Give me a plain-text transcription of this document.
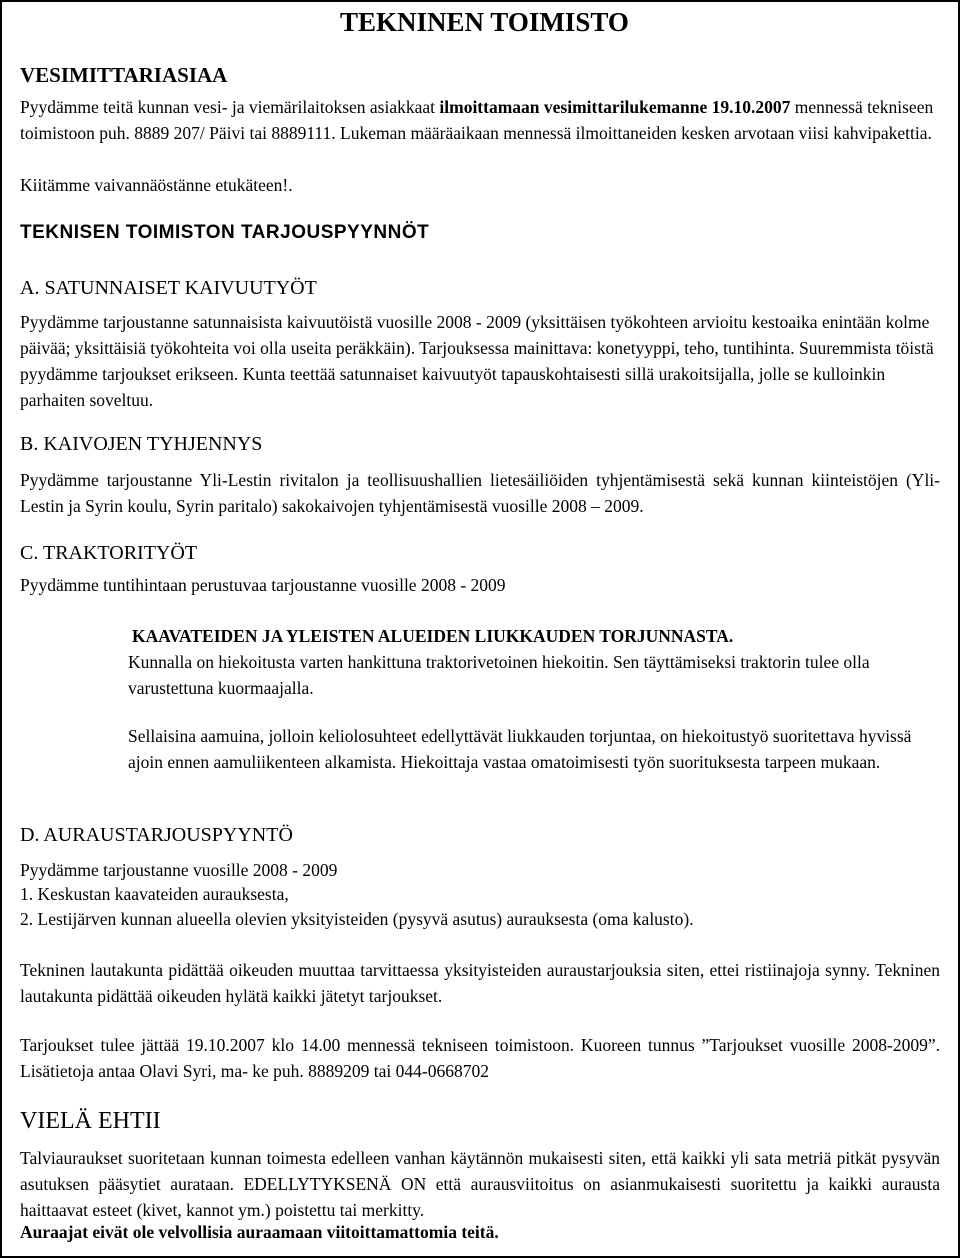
TEKNINEN TOIMISTO

VESIMITTARIASIAA

Pyydämme teitä kunnan vesi- ja viemärilaitoksen asiakkaat ilmoittamaan vesimittarilukemanne 19.10.2007 mennessä tekniseen toimistoon puh. 8889 207/ Päivi tai 8889111. Lukeman määräaikaan mennessä ilmoittaneiden kesken arvotaan viisi kahvipakettia.

Kiitämme vaivannäöstänne etukäteen!.

TEKNISEN TOIMISTON TARJOUSPYYNNÖT

A. SATUNNAISET KAIVUUTYÖT

Pyydämme tarjoustanne satunnaisista kaivuutöistä vuosille 2008 - 2009 (yksittäisen työkohteen arvioitu kestoaika enintään kolme päivää; yksittäisiä työkohteita voi olla useita peräkkäin). Tarjouksessa mainittava: konetyyppi, teho, tuntihinta. Suuremmista töistä pyydämme tarjoukset erikseen. Kunta teettää satunnaiset kaivuutyöt tapauskohtaisesti sillä urakoitsijalla, jolle se kulloinkin parhaiten soveltuu.

B. KAIVOJEN TYHJENNYS

Pyydämme tarjoustanne Yli-Lestin rivitalon ja teollisuushallien lietesäiliöiden tyhjentämisestä sekä kunnan kiinteistöjen (Yli-Lestin ja Syrin koulu, Syrin paritalo) sakokaivojen tyhjentämisestä vuosille 2008 ‒ 2009.

C. TRAKTORITYÖT

Pyydämme tuntihintaan perustuvaa tarjoustanne vuosille 2008 - 2009

KAAVATEIDEN JA YLEISTEN ALUEIDEN LIUKKAUDEN TORJUNNASTA.

Kunnalla on hiekoitusta varten hankittuna traktorivetoinen hiekoitin. Sen täyttämiseksi traktorin tulee olla varustettuna kuormaajalla.

Sellaisina aamuina, jolloin keliolosuhteet edellyttävät liukkauden torjuntaa, on hiekoitustyö suoritettava hyvissä ajoin ennen aamuliikenteen alkamista. Hiekoittaja vastaa omatoimisesti työn suorituksesta tarpeen mukaan.

D. AURAUSTARJOUSPYYNTÖ

Pyydämme tarjoustanne vuosille 2008 - 2009

1. Keskustan kaavateiden aurauksesta,

2. Lestijärven kunnan alueella olevien yksityisteiden (pysyvä asutus) aurauksesta (oma kalusto).

Tekninen lautakunta pidättää oikeuden muuttaa tarvittaessa yksityisteiden auraustarjouksia siten, ettei ristiinajoja synny. Tekninen lautakunta pidättää oikeuden hylätä kaikki jätetyt tarjoukset.

Tarjoukset tulee jättää 19.10.2007 klo 14.00 mennessä tekniseen toimistoon. Kuoreen tunnus ”Tarjoukset vuosille 2008-2009”. Lisätietoja antaa Olavi Syri, ma- ke puh. 8889209 tai 044-0668702

VIELÄ EHTII

Talviauraukset suoritetaan kunnan toimesta edelleen vanhan käytännön mukaisesti siten, että kaikki yli sata metriä pitkät pysyvän asutuksen pääsytiet aurataan. EDELLYTYKSENÄ ON että aurausviitoitus on asianmukaisesti suoritettu ja kaikki aurausta haittaavat esteet (kivet, kannot ym.) poistettu tai merkitty.

Auraajat eivät ole velvollisia auraamaan viitoittamattomia teitä.
